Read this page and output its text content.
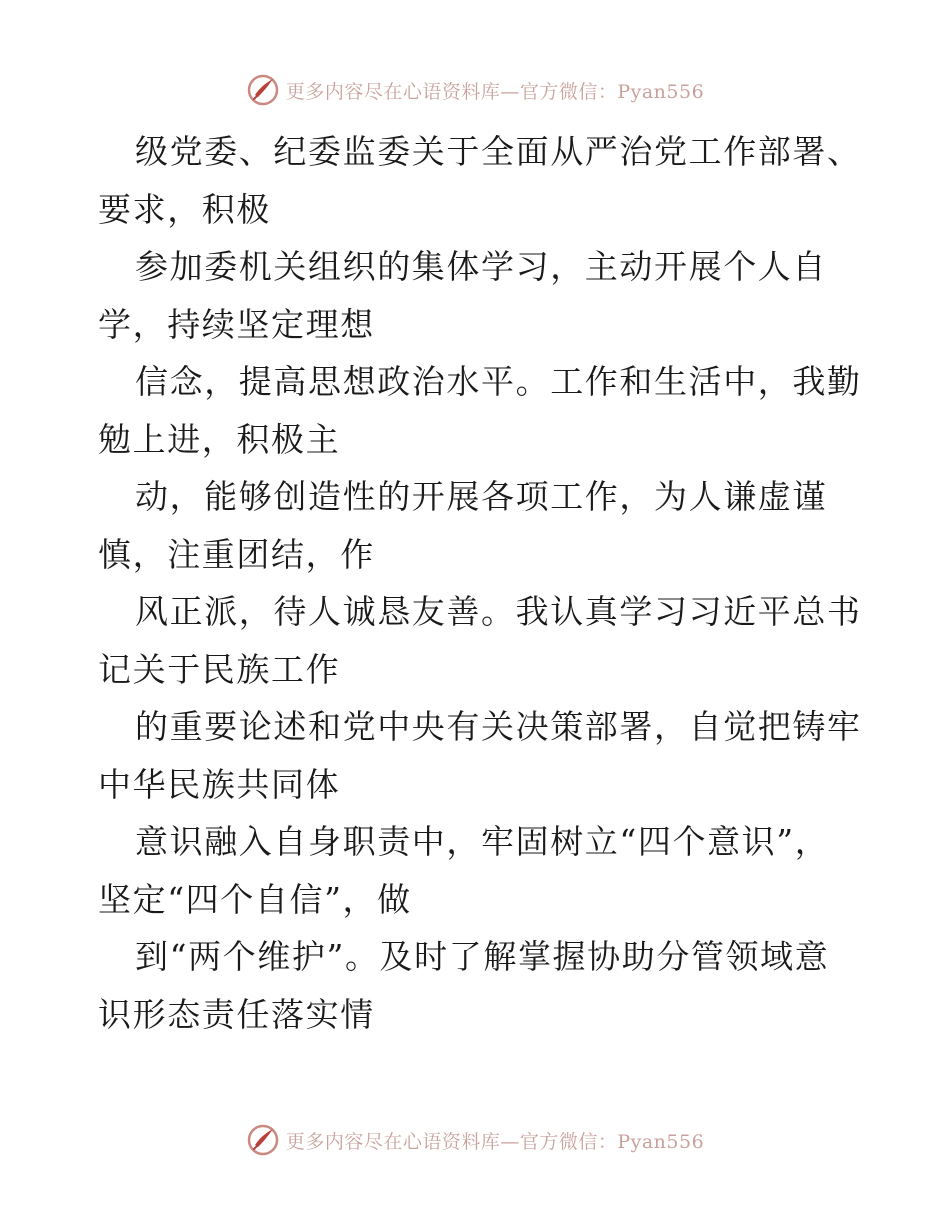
更多内容尽在心语资料库—官方微信：Pyan556
级党委、纪委监委关于全面从严治党工作部署、
要求，积极
参加委机关组织的集体学习，主动开展个人自
学，持续坚定理想
信念，提高思想政治水平。工作和生活中，我勤
勉上进，积极主
动，能够创造性的开展各项工作，为人谦虚谨
慎，注重团结，作
风正派，待人诚恳友善。我认真学习习近平总书
记关于民族工作
的重要论述和党中央有关决策部署，自觉把铸牢
中华民族共同体
意识融入自身职责中，牢固树立“四个意识”，
坚定“四个自信”，做
到“两个维护”。及时了解掌握协助分管领域意
识形态责任落实情
更多内容尽在心语资料库—官方微信：Pyan556
